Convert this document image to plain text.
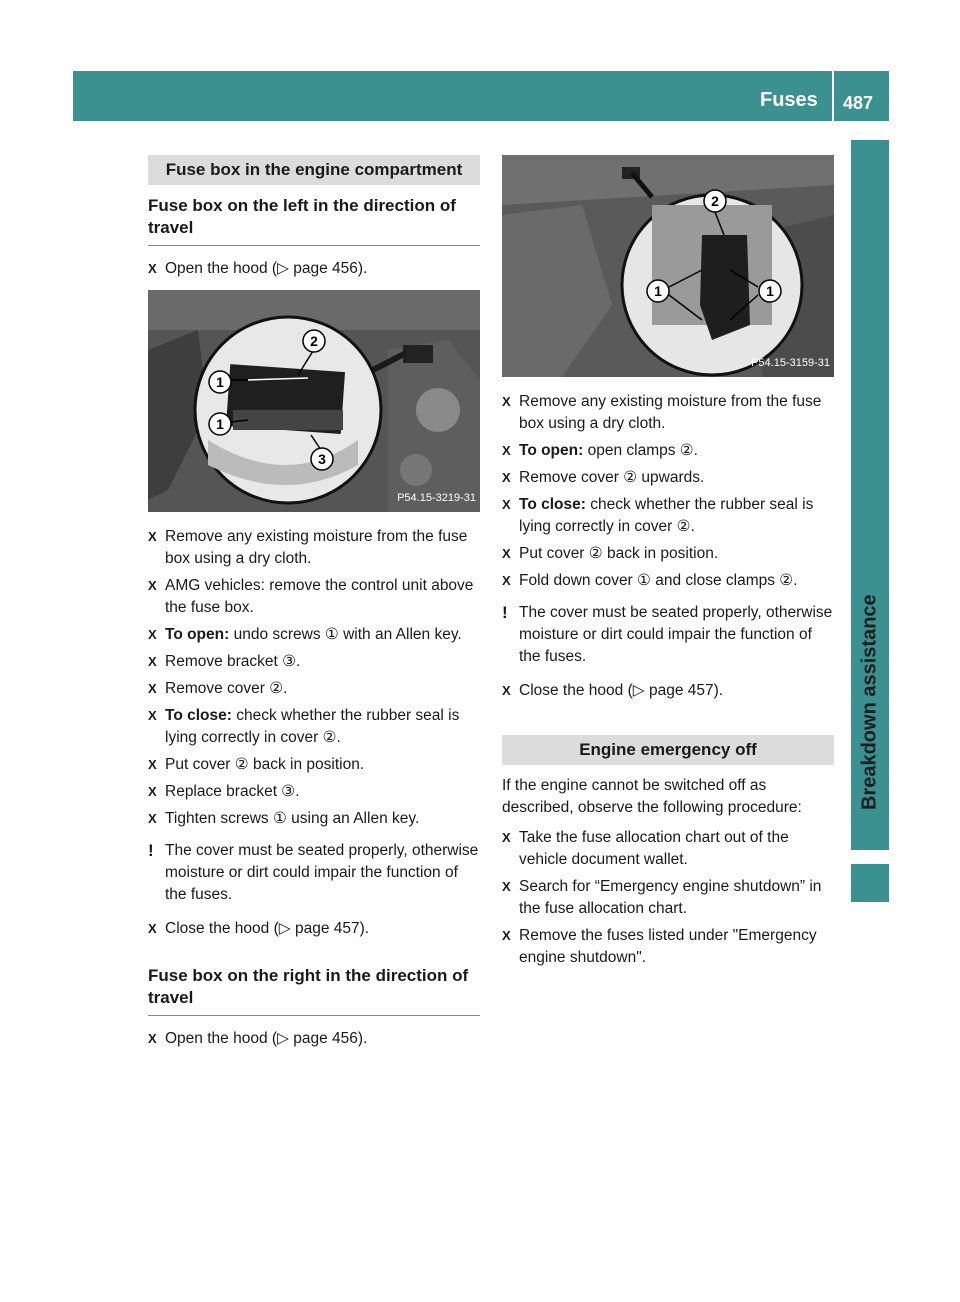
Fuses 487
Breakdown assistance
Fuse box in the engine compartment
Fuse box on the left in the direction of travel
X Open the hood (▷ page 456).
2
1
1
3
P54.15-3219-31
X Remove any existing moisture from the fuse box using a dry cloth.
X AMG vehicles: remove the control unit above the fuse box.
X To open: undo screws ① with an Allen key.
X Remove bracket ③.
X Remove cover ②.
X To close: check whether the rubber seal is lying correctly in cover ②.
X Put cover ② back in position.
X Replace bracket ③.
X Tighten screws ① using an Allen key.
! The cover must be seated properly, otherwise moisture or dirt could impair the function of the fuses.
X Close the hood (▷ page 457).
Fuse box on the right in the direction of travel
X Open the hood (▷ page 456).
2
1	1
P54.15-3159-31
X Remove any existing moisture from the fuse box using a dry cloth.
X To open: open clamps ②.
X Remove cover ② upwards.
X To close: check whether the rubber seal is lying correctly in cover ②.
X Put cover ② back in position.
X Fold down cover ① and close clamps ②.
! The cover must be seated properly, otherwise moisture or dirt could impair the function of the fuses.
X Close the hood (▷ page 457).
Engine emergency off
If the engine cannot be switched off as described, observe the following procedure:
X Take the fuse allocation chart out of the vehicle document wallet.
X Search for “Emergency engine shutdown” in the fuse allocation chart.
X Remove the fuses listed under "Emergency engine shutdown".
